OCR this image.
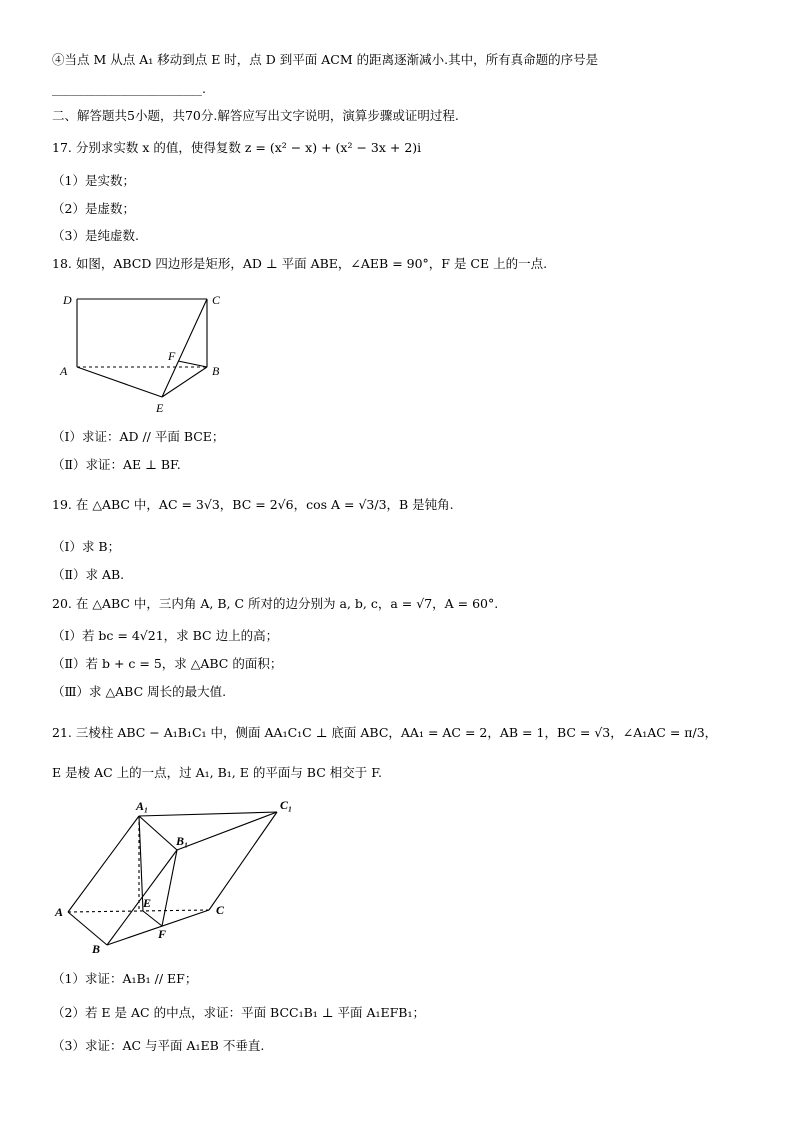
④当点 M 从点 A₁ 移动到点 E 时，点 D 到平面 ACM 的距离逐渐减小.其中，所有真命题的序号是
________________________.
二、解答题共5小题，共70分.解答应写出文字说明，演算步骤或证明过程.
17. 分别求实数 x 的值，使得复数 z = (x² − x) + (x² − 3x + 2)i
（1）是实数；
（2）是虚数；
（3）是纯虚数.
18. 如图，ABCD 四边形是矩形，AD ⊥ 平面 ABE，∠AEB = 90°，F 是 CE 上的一点.
D	C
A	B
F
E
（Ⅰ）求证：AD // 平面 BCE；
（Ⅱ）求证：AE ⊥ BF.
19. 在 △ABC 中，AC = 3√3，BC = 2√6，cos A = √3/3，B 是钝角.
（Ⅰ）求 B；
（Ⅱ）求 AB.
20. 在 △ABC 中，三内角 A, B, C 所对的边分别为 a, b, c，a = √7，A = 60°.
（Ⅰ）若 bc = 4√21，求 BC 边上的高；
（Ⅱ）若 b + c = 5，求 △ABC 的面积；
（Ⅲ）求 △ABC 周长的最大值.
21. 三棱柱 ABC − A₁B₁C₁ 中，侧面 AA₁C₁C ⊥ 底面 ABC，AA₁ = AC = 2，AB = 1，BC = √3，∠A₁AC = π/3，
E 是棱 AC 上的一点，过 A₁, B₁, E 的平面与 BC 相交于 F.
A₁	C₁
B₁
A
E	C
F
B
（1）求证：A₁B₁ // EF；
（2）若 E 是 AC 的中点，求证：平面 BCC₁B₁ ⊥ 平面 A₁EFB₁；
（3）求证：AC 与平面 A₁EB 不垂直.
